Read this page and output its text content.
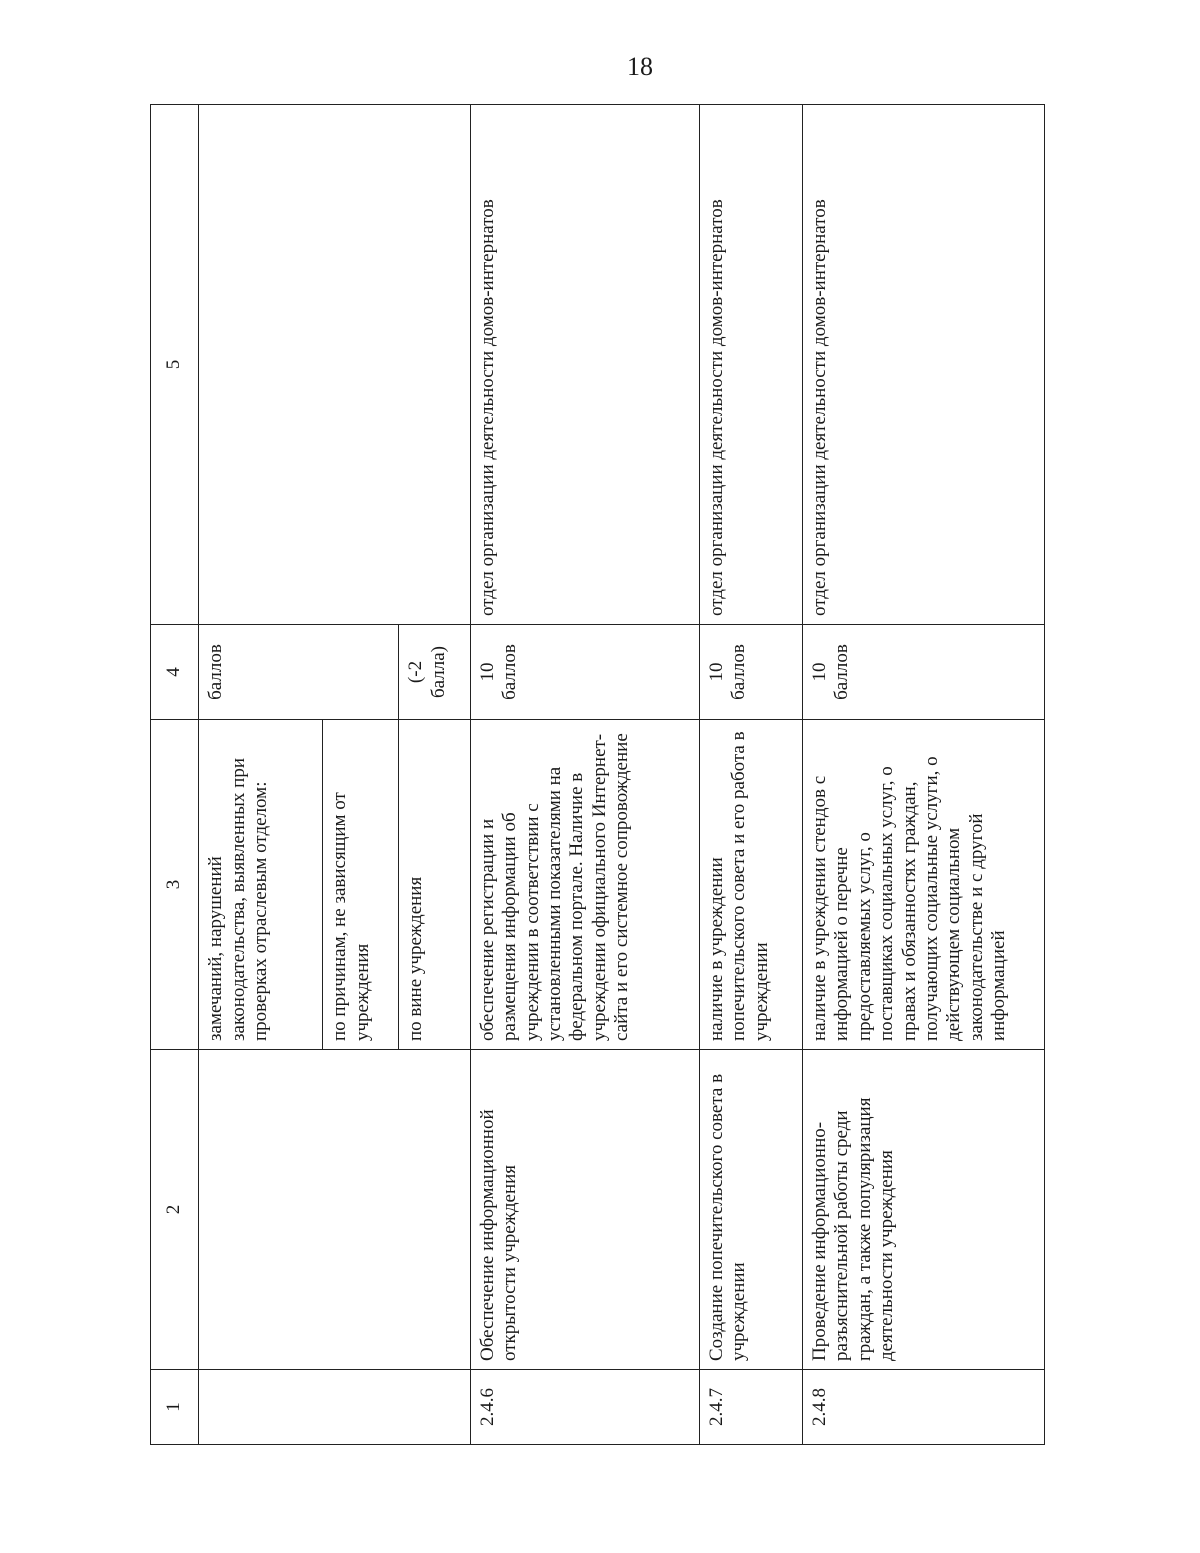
18
1	2	3	4	5
		замечаний, нарушений законодательства, выявленных при проверках отраслевым отделом:	баллов	
		по причинам, не зависящим от учреждения		
		по вине учреждения	(-2 балла)	
2.4.6	Обеспечение информационной открытости учреждения	обеспечение регистрации и размещения информации об учреждении в соответствии с установленными показателями на федеральном портале. Наличие в учреждении официального Интернет-сайта и его системное сопровождение	10 баллов	отдел организации деятельности домов-интернатов
2.4.7	Создание попечительского совета в учреждении	наличие в учреждении попечительского совета и его работа в учреждении	10 баллов	отдел организации деятельности домов-интернатов
2.4.8	Проведение информационно-разъяснительной работы среди граждан, а также популяризация деятельности учреждения	наличие в учреждении стендов с информацией о перечне предоставляемых услуг, о поставщиках социальных услуг, о правах и обязанностях граждан, получающих социальные услуги, о действующем социальном законодательстве и с другой информацией	10 баллов	отдел организации деятельности домов-интернатов
